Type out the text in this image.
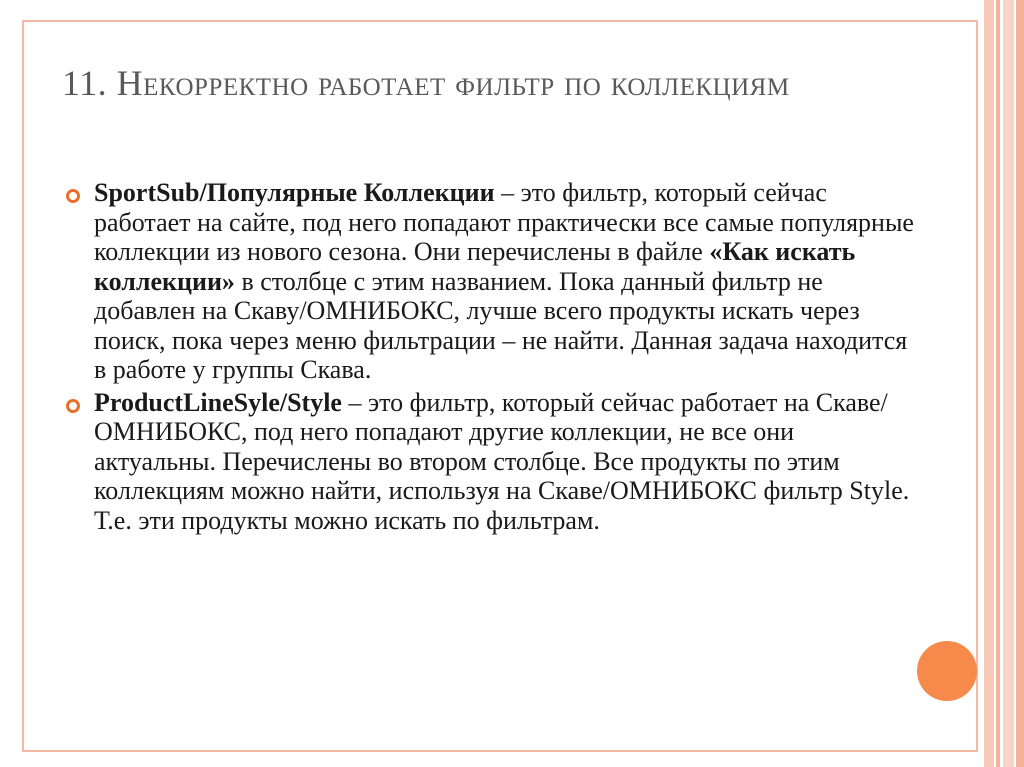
11. Некорректно работает фильтр по коллекциям
SportSub/Популярные Коллекции – это фильтр, который сейчас работает на сайте, под него попадают практически все самые популярные коллекции из нового сезона. Они перечислены в файле «Как искать коллекции» в столбце с этим названием. Пока данный фильтр не добавлен на Скаву/ОМНИБОКС, лучше всего продукты искать через поиск, пока через меню фильтрации – не найти. Данная задача находится в работе у группы Скава.
ProductLineSyle/Style – это фильтр, который сейчас работает на Скаве/ОМНИБОКС, под него попадают другие коллекции, не все они актуальны. Перечислены во втором столбце. Все продукты по этим коллекциям можно найти, используя на Скаве/ОМНИБОКС фильтр Style. Т.е. эти продукты можно искать по фильтрам.
